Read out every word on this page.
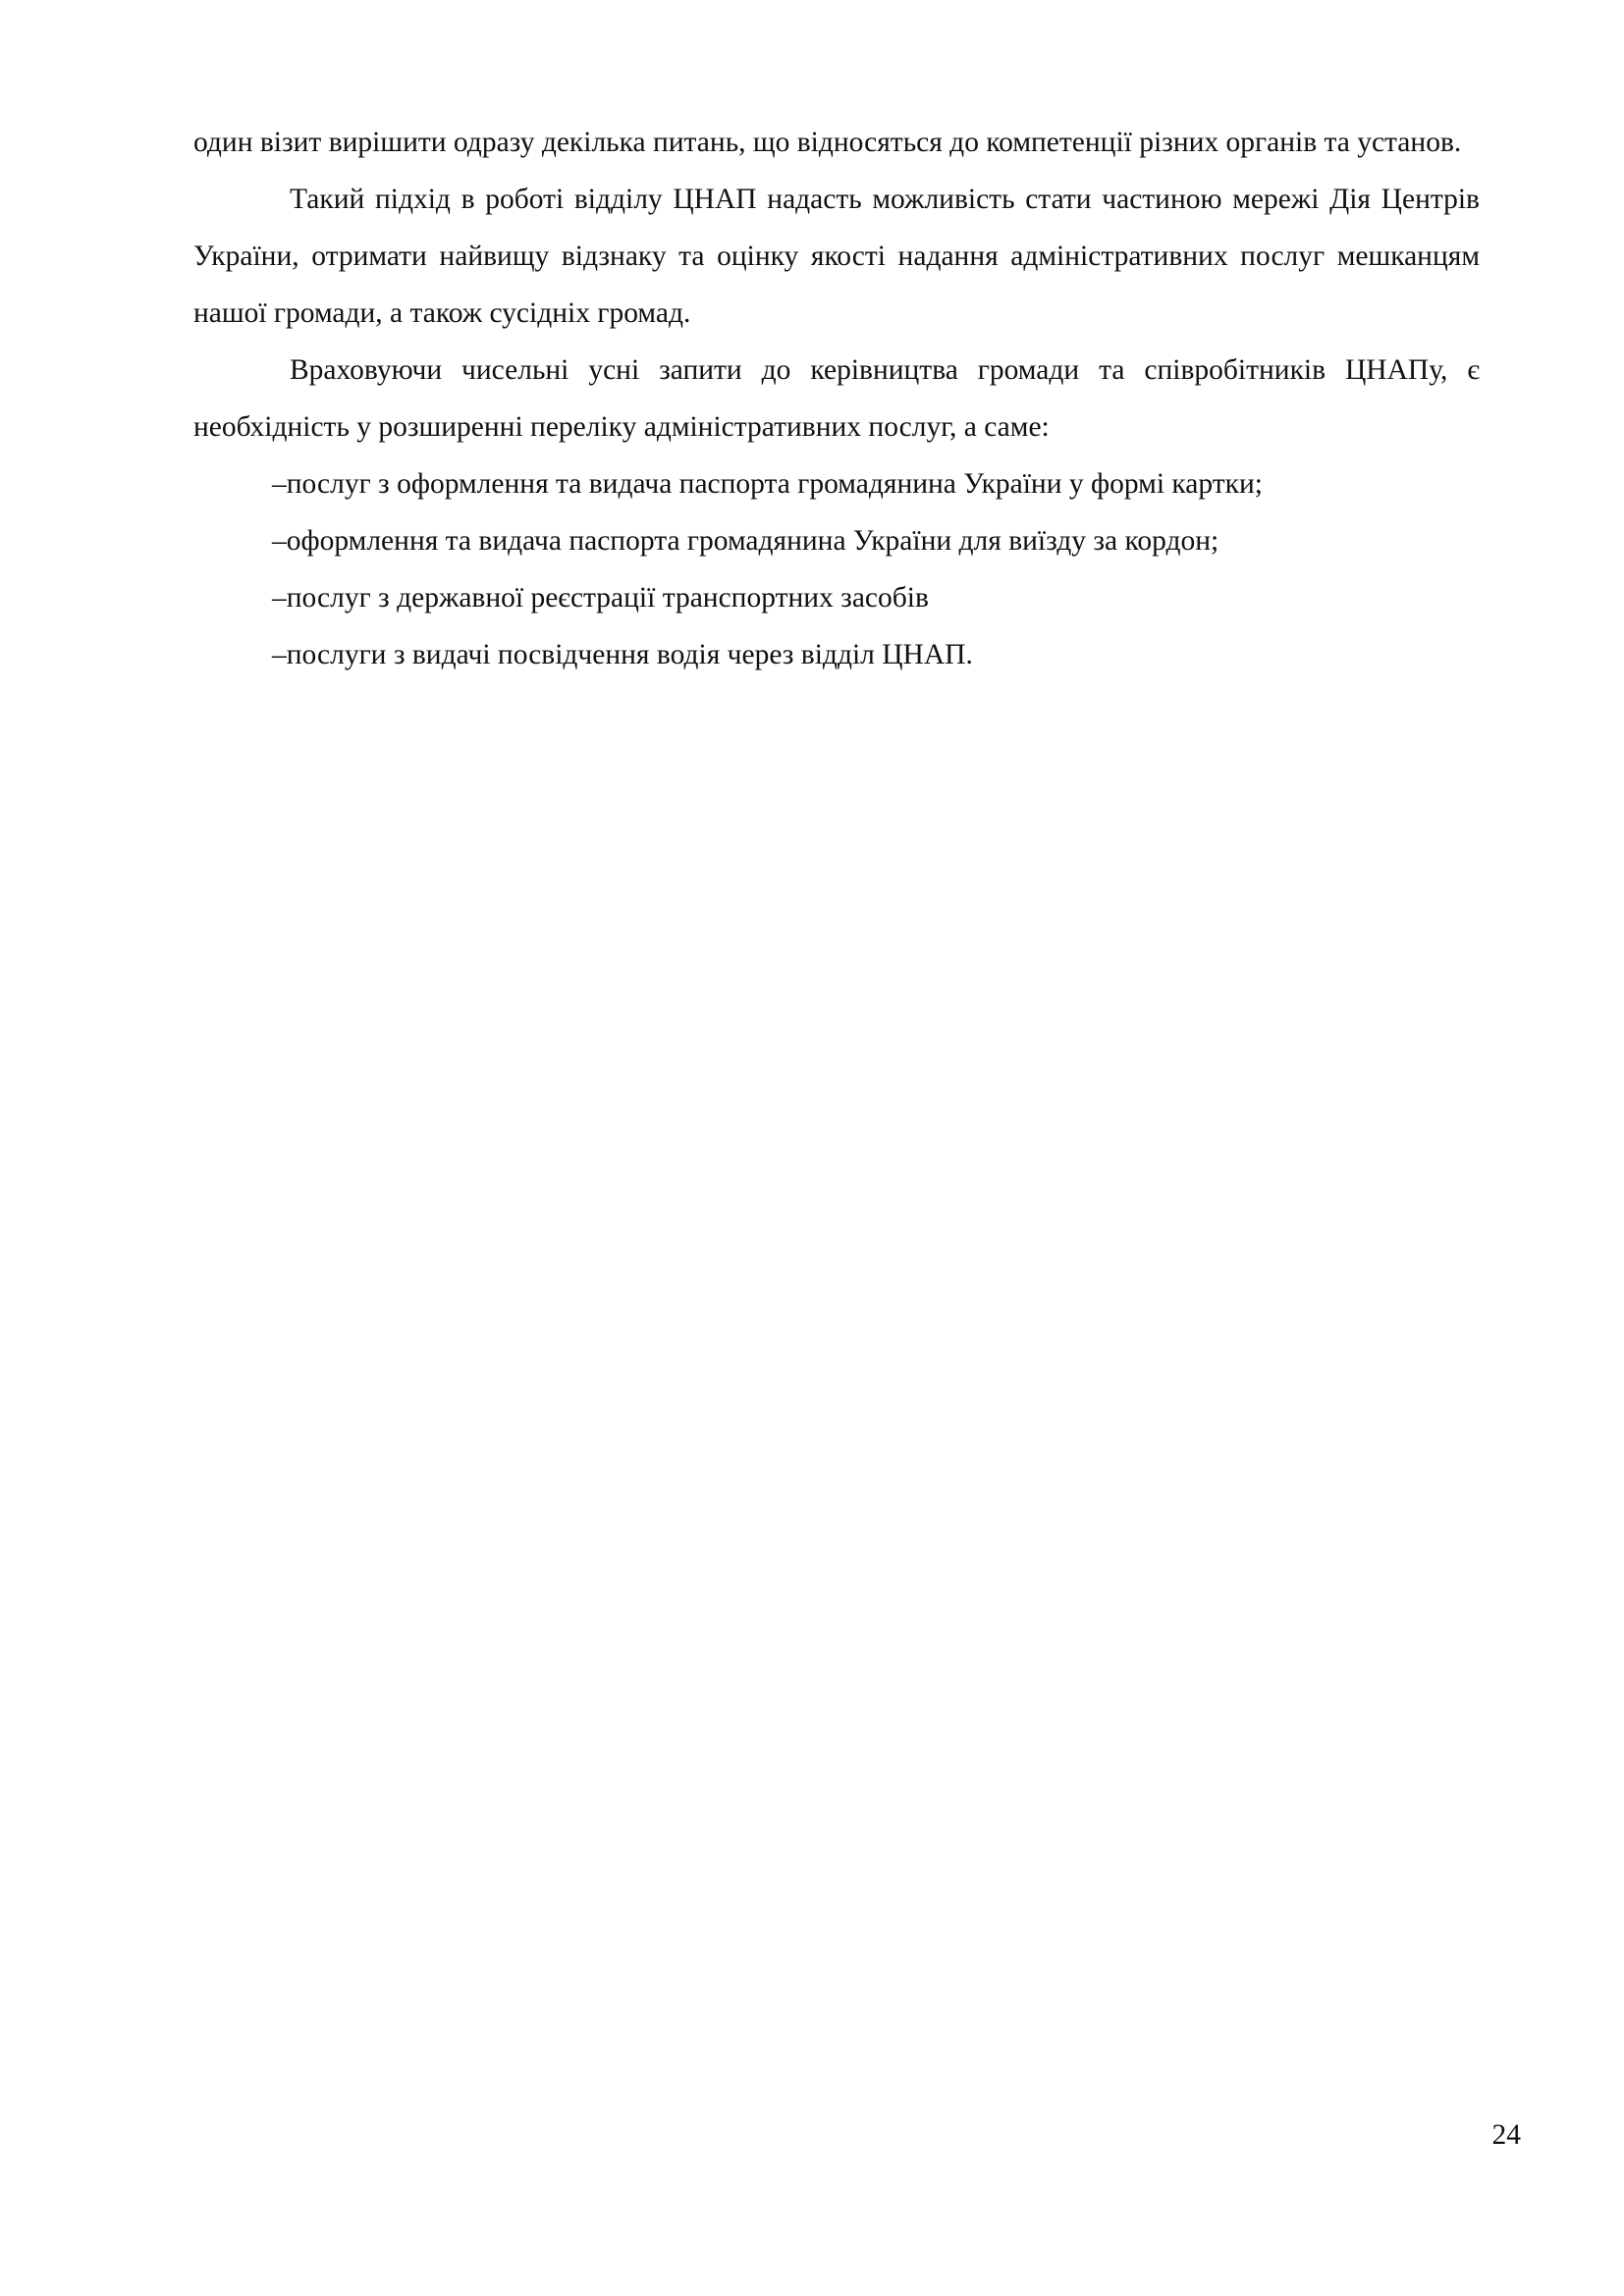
один візит вирішити одразу декілька питань, що відносяться до компетенції різних органів та установ.

Такий підхід в роботі відділу ЦНАП надасть можливість стати частиною мережі Дія Центрів України, отримати найвищу відзнаку та оцінку якості надання адміністративних послуг мешканцям нашої громади, а також сусідніх громад.

Враховуючи чисельні усні запити до керівництва громади та співробітників ЦНАПу, є необхідність у розширенні переліку адміністративних послуг, а саме:

–послуг з оформлення та видача паспорта громадянина України у формі картки;
–оформлення та видача паспорта громадянина України для виїзду за кордон;
–послуг з державної реєстрації транспортних засобів
–послуги з видачі посвідчення водія через відділ ЦНАП.
24
